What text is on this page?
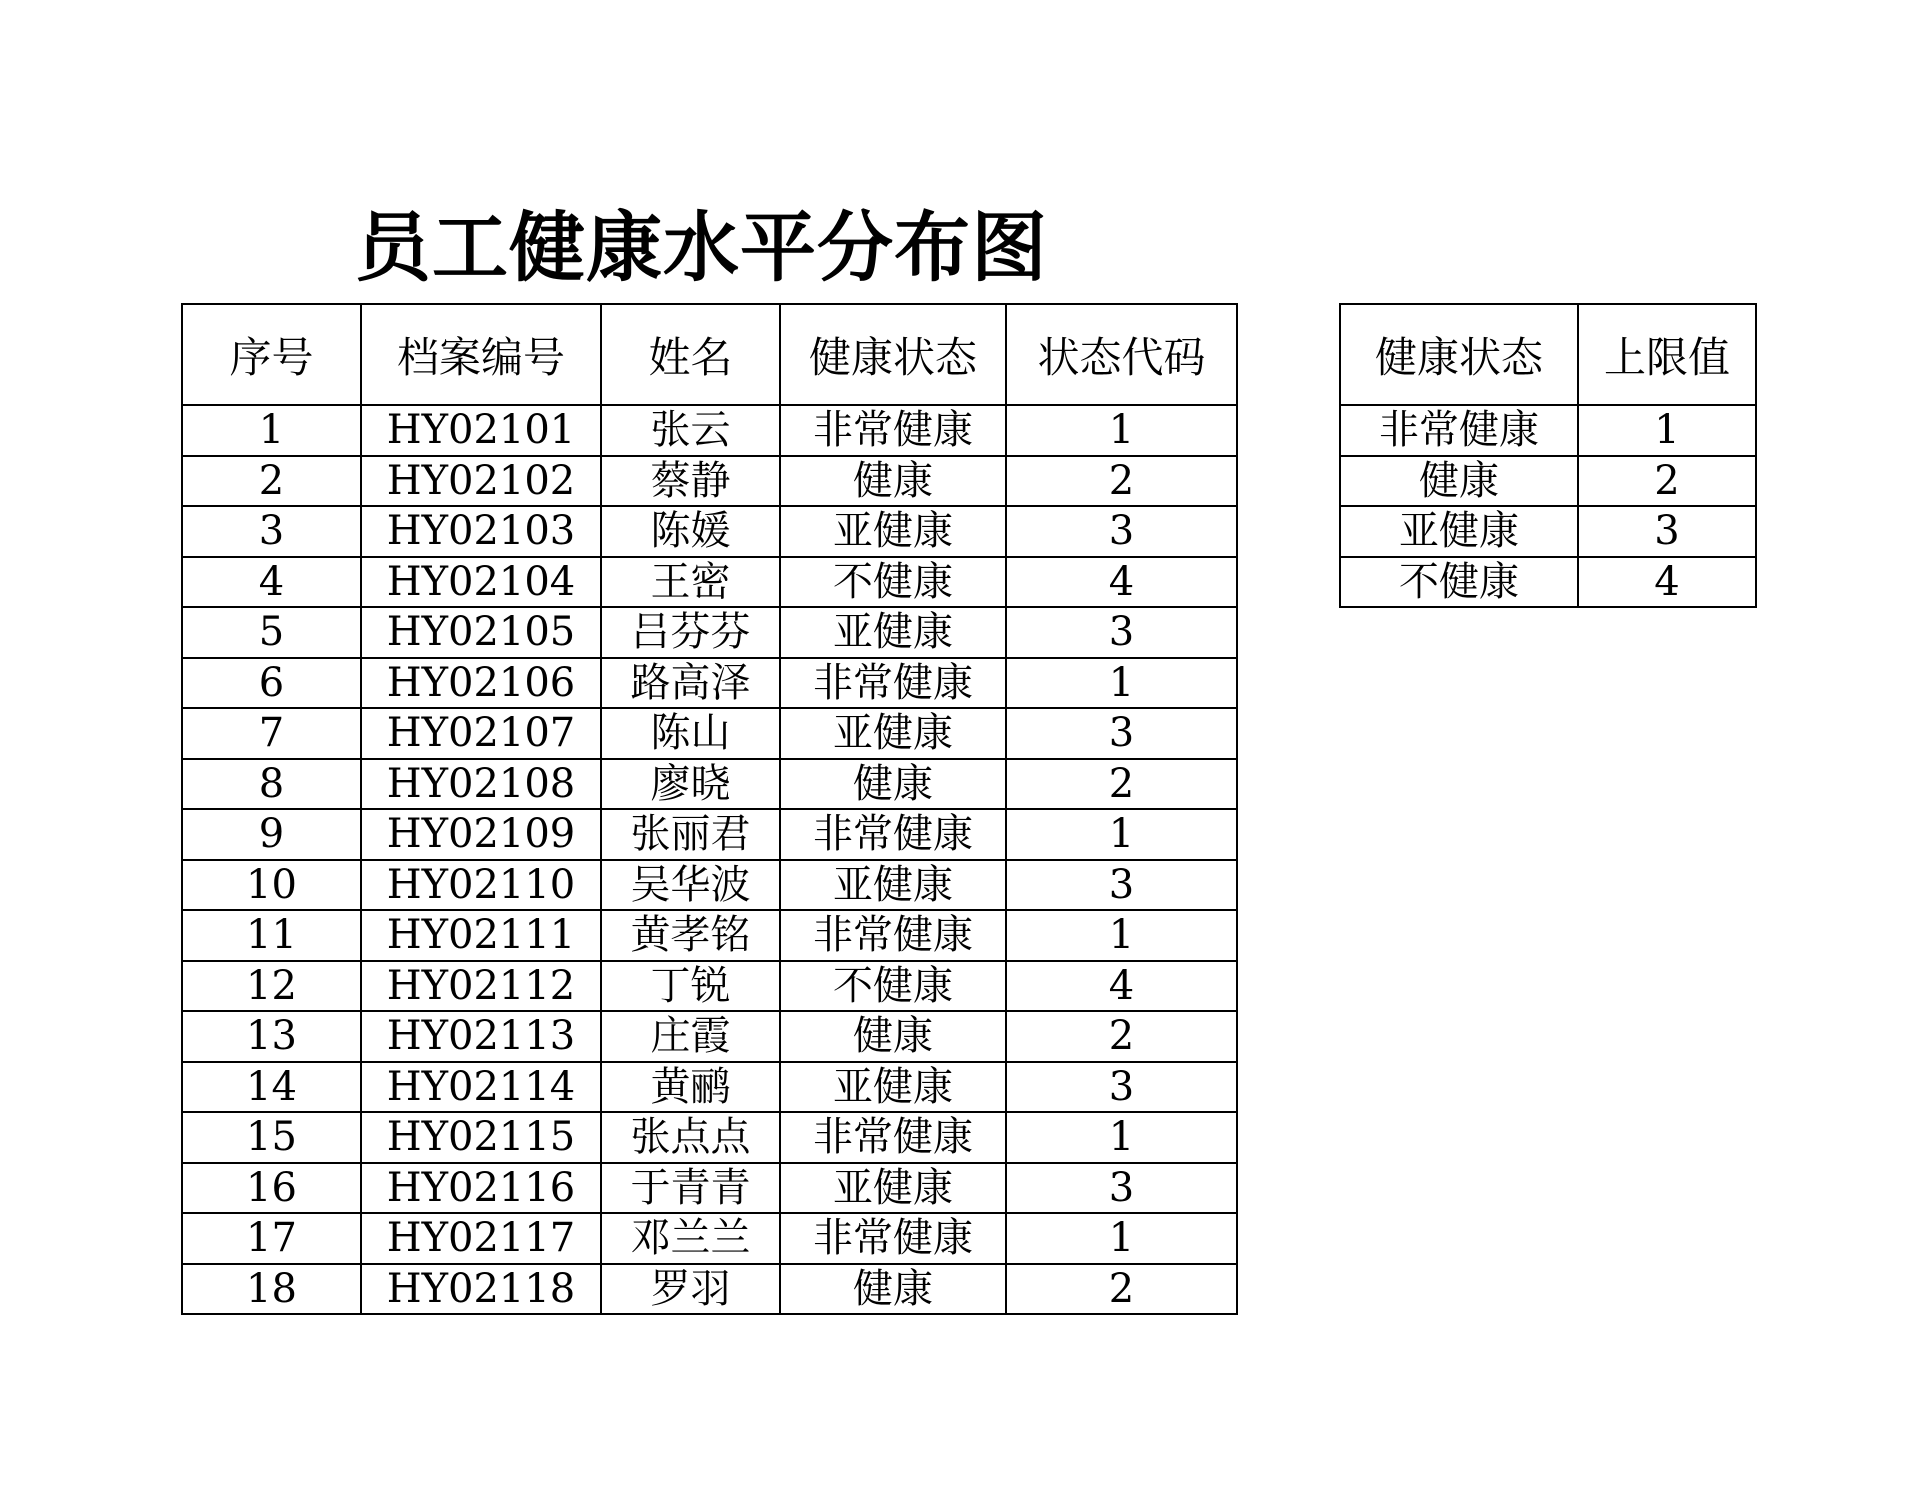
员工健康水平分布图
序号	档案编号	姓名	健康状态	状态代码
1	HY02101	张云	非常健康	1
2	HY02102	蔡静	健康	2
3	HY02103	陈媛	亚健康	3
4	HY02104	王密	不健康	4
5	HY02105	吕芬芬	亚健康	3
6	HY02106	路高泽	非常健康	1
7	HY02107	陈山	亚健康	3
8	HY02108	廖晓	健康	2
9	HY02109	张丽君	非常健康	1
10	HY02110	吴华波	亚健康	3
11	HY02111	黄孝铭	非常健康	1
12	HY02112	丁锐	不健康	4
13	HY02113	庄霞	健康	2
14	HY02114	黄鹂	亚健康	3
15	HY02115	张点点	非常健康	1
16	HY02116	于青青	亚健康	3
17	HY02117	邓兰兰	非常健康	1
18	HY02118	罗羽	健康	2
健康状态	上限值
非常健康	1
健康	2
亚健康	3
不健康	4
